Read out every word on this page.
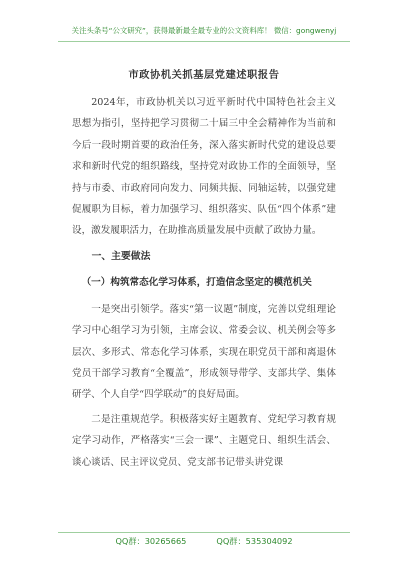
关注头条号“公文研究”，获得最新最全最专业的公文资料库！ 微信：gongwenyj
市政协机关抓基层党建述职报告

2024年，市政协机关以习近平新时代中国特色社会主义思想为指引，坚持把学习贯彻二十届三中全会精神作为当前和今后一段时期首要的政治任务，深入落实新时代党的建设总要求和新时代党的组织路线，坚持党对政协工作的全面领导，坚持与市委、市政府同向发力、同频共振、同轴运转，以强党建促履职为目标，着力加强学习、组织落实、队伍“四个体系”建设，激发履职活力，在助推高质量发展中贡献了政协力量。

一、主要做法
（一）构筑常态化学习体系，打造信念坚定的模范机关

一是突出引领学。落实“第一议题”制度，完善以党组理论学习中心组学习为引领，主席会议、常委会议、机关例会等多层次、多形式、常态化学习体系，实现在职党员干部和离退休党员干部学习教育“全覆盖”，形成领导带学、支部共学、集体研学、个人自学“四学联动”的良好局面。

二是注重规范学。积极落实好主题教育、党纪学习教育规定学习动作，严格落实“三会一课”、主题党日、组织生活会、谈心谈话、民主评议党员、党支部书记带头讲党课

QQ群：30265665	QQ群：535304092
